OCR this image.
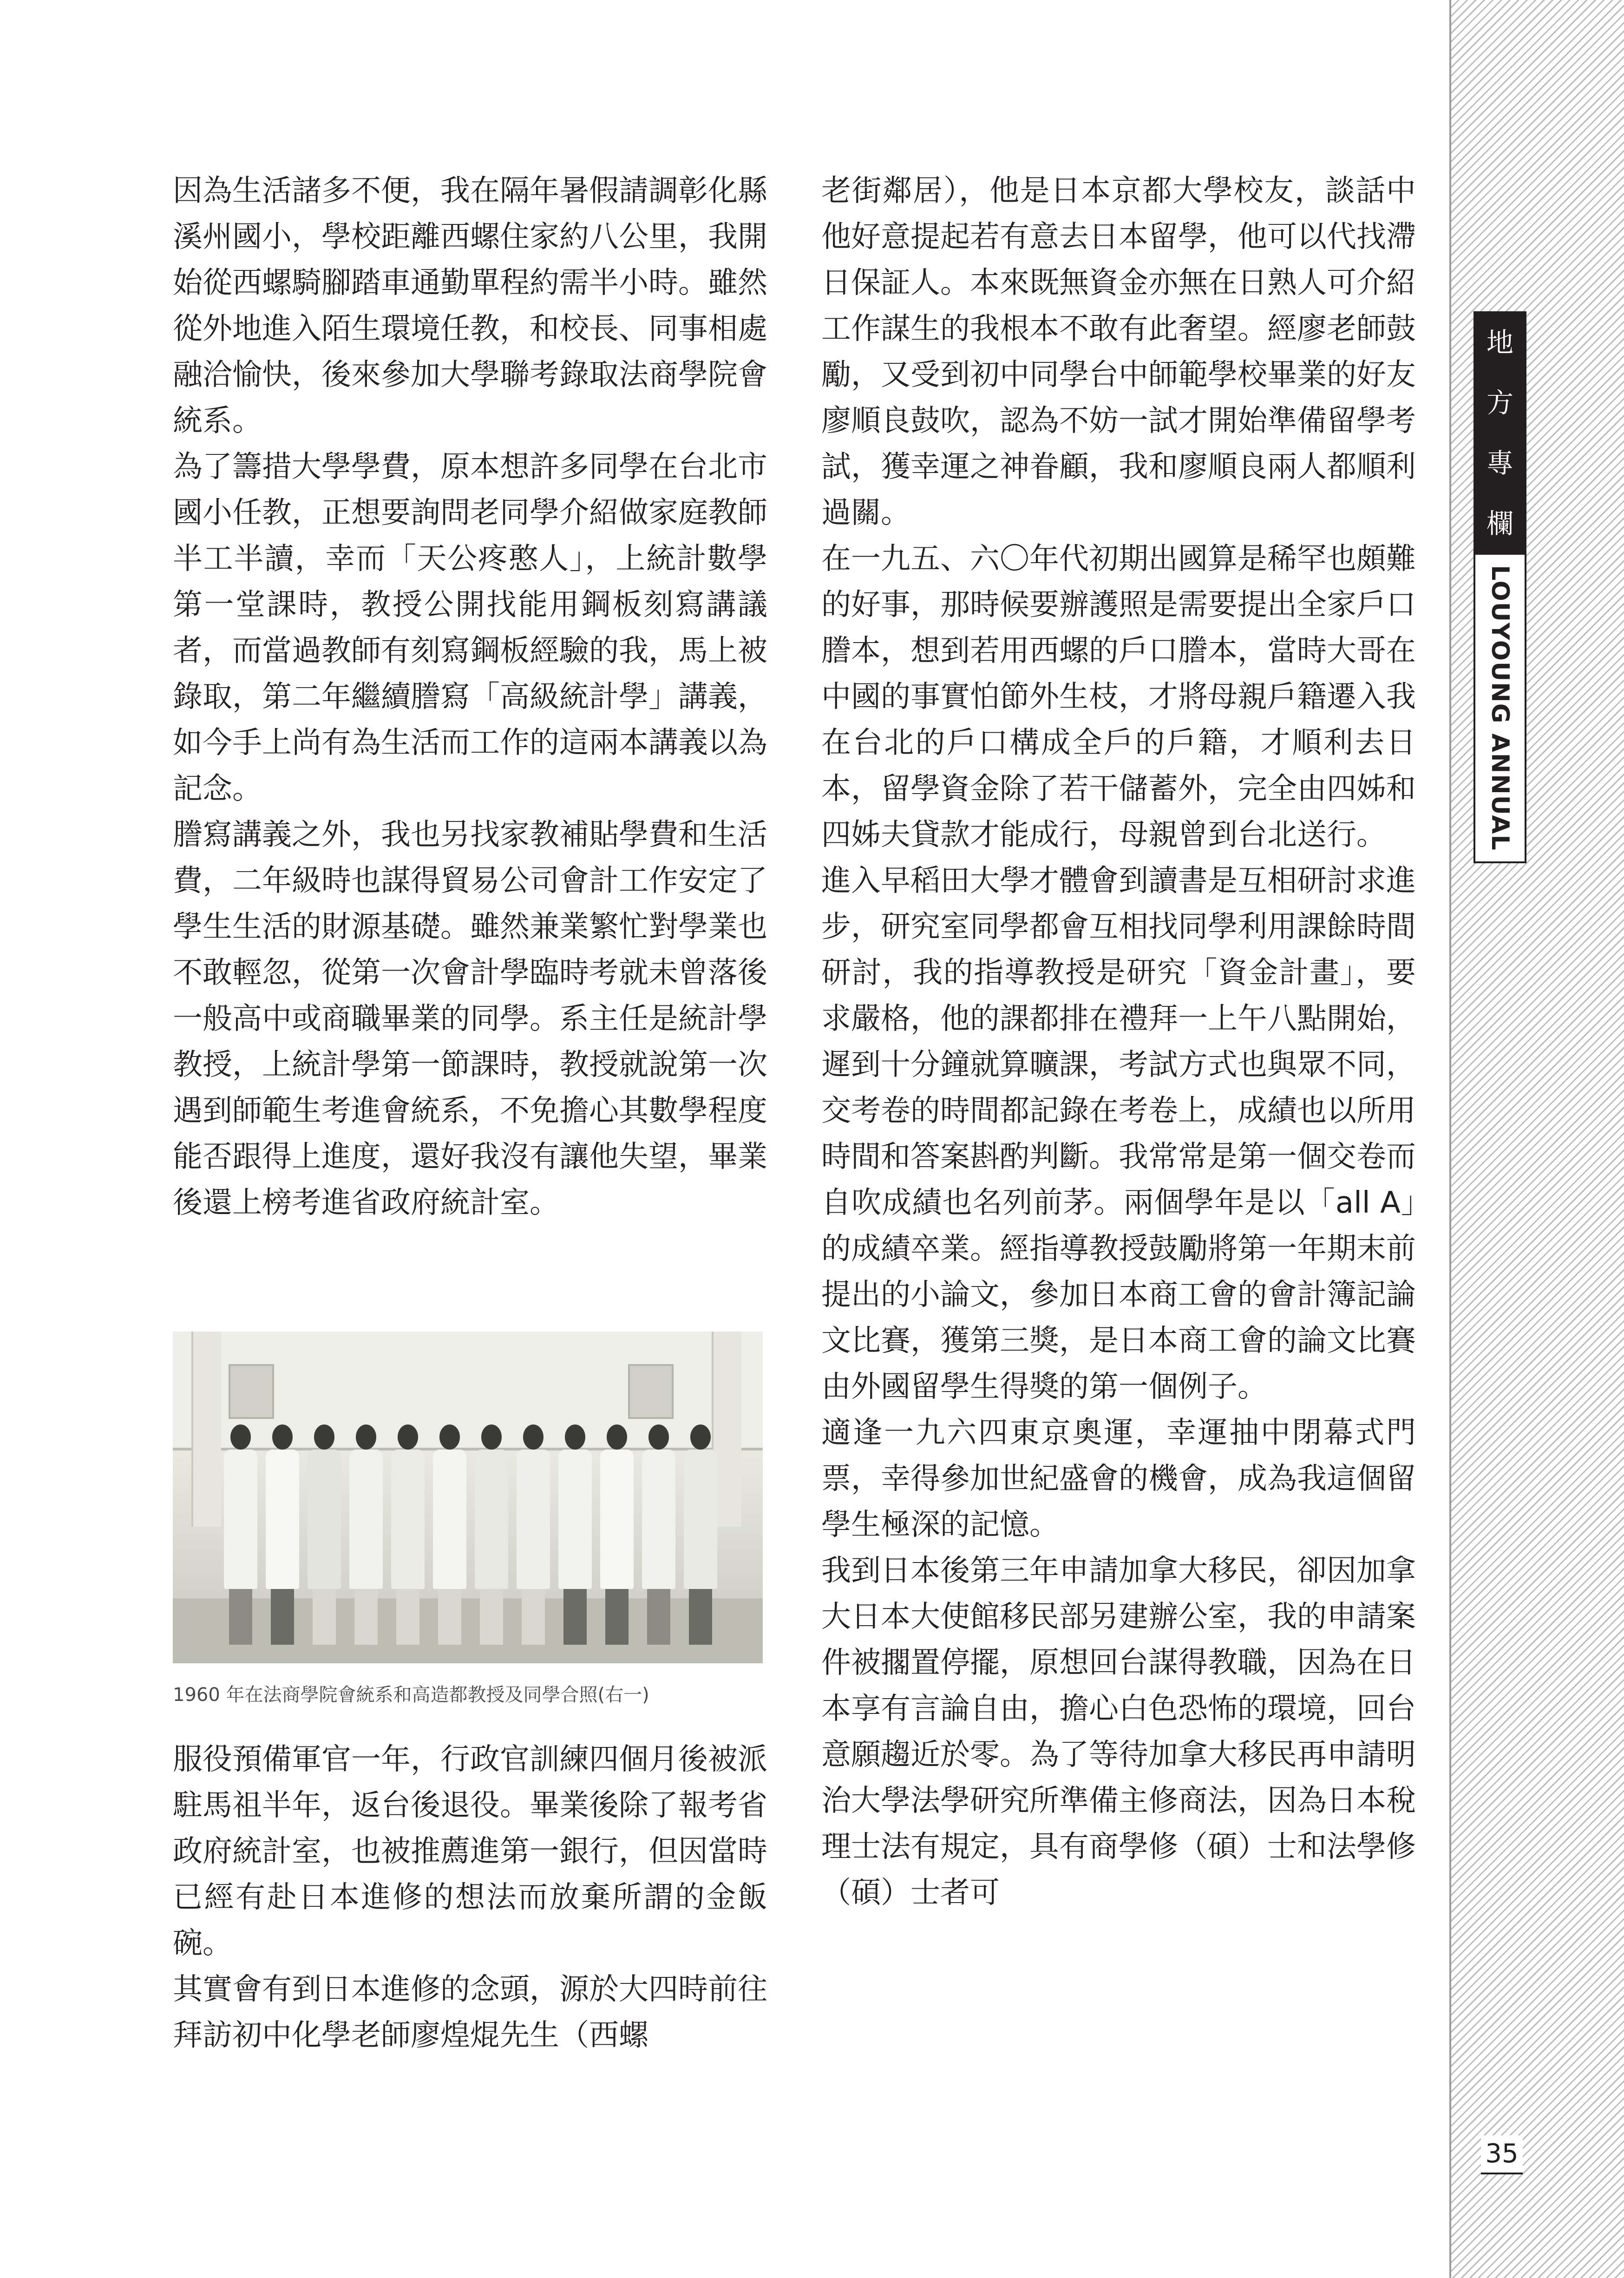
因為生活諸多不便，我在隔年暑假請調彰化縣溪州國小，學校距離西螺住家約八公里，我開始從西螺騎腳踏車通勤單程約需半小時。雖然從外地進入陌生環境任教，和校長、同事相處融洽愉快，後來參加大學聯考錄取法商學院會統系。

為了籌措大學學費，原本想許多同學在台北市國小任教，正想要詢問老同學介紹做家庭教師半工半讀，幸而「天公疼憨人」，上統計數學第一堂課時，教授公開找能用鋼板刻寫講議者，而當過教師有刻寫鋼板經驗的我，馬上被錄取，第二年繼續謄寫「高級統計學」講義，如今手上尚有為生活而工作的這兩本講義以為記念。

謄寫講義之外，我也另找家教補貼學費和生活費，二年級時也謀得貿易公司會計工作安定了學生生活的財源基礎。雖然兼業繁忙對學業也不敢輕忽，從第一次會計學臨時考就未曾落後一般高中或商職畢業的同學。系主任是統計學教授，上統計學第一節課時，教授就說第一次遇到師範生考進會統系，不免擔心其數學程度能否跟得上進度，還好我沒有讓他失望，畢業後還上榜考進省政府統計室。

1960 年在法商學院會統系和高造都教授及同學合照(右一)

服役預備軍官一年，行政官訓練四個月後被派駐馬祖半年，返台後退役。畢業後除了報考省政府統計室，也被推薦進第一銀行，但因當時已經有赴日本進修的想法而放棄所謂的金飯碗。

其實會有到日本進修的念頭，源於大四時前往拜訪初中化學老師廖煌焜先生（西螺

老街鄰居），他是日本京都大學校友，談話中他好意提起若有意去日本留學，他可以代找滯日保証人。本來既無資金亦無在日熟人可介紹工作謀生的我根本不敢有此奢望。經廖老師鼓勵，又受到初中同學台中師範學校畢業的好友廖順良鼓吹，認為不妨一試才開始準備留學考試，獲幸運之神眷顧，我和廖順良兩人都順利過關。

在一九五、六〇年代初期出國算是稀罕也頗難的好事，那時候要辦護照是需要提出全家戶口謄本，想到若用西螺的戶口謄本，當時大哥在中國的事實怕節外生枝，才將母親戶籍遷入我在台北的戶口構成全戶的戶籍，才順利去日本，留學資金除了若干儲蓄外，完全由四姊和四姊夫貸款才能成行，母親曾到台北送行。

進入早稻田大學才體會到讀書是互相研討求進步，研究室同學都會互相找同學利用課餘時間研討，我的指導教授是研究「資金計畫」，要求嚴格，他的課都排在禮拜一上午八點開始，遲到十分鐘就算曠課，考試方式也與眾不同，交考卷的時間都記錄在考卷上，成績也以所用時間和答案斟酌判斷。我常常是第一個交卷而自吹成績也名列前茅。兩個學年是以「all A」的成績卒業。經指導教授鼓勵將第一年期末前提出的小論文，參加日本商工會的會計簿記論文比賽，獲第三獎，是日本商工會的論文比賽由外國留學生得獎的第一個例子。

適逢一九六四東京奧運，幸運抽中閉幕式門票，幸得參加世紀盛會的機會，成為我這個留學生極深的記憶。

我到日本後第三年申請加拿大移民，卻因加拿大日本大使館移民部另建辦公室，我的申請案件被擱置停擺，原想回台謀得教職，因為在日本享有言論自由，擔心白色恐怖的環境，回台意願趨近於零。為了等待加拿大移民再申請明治大學法學研究所準備主修商法，因為日本稅理士法有規定，具有商學修（碩）士和法學修（碩）士者可

地
方
專
欄
LOUYOUNG ANNUAL
35
